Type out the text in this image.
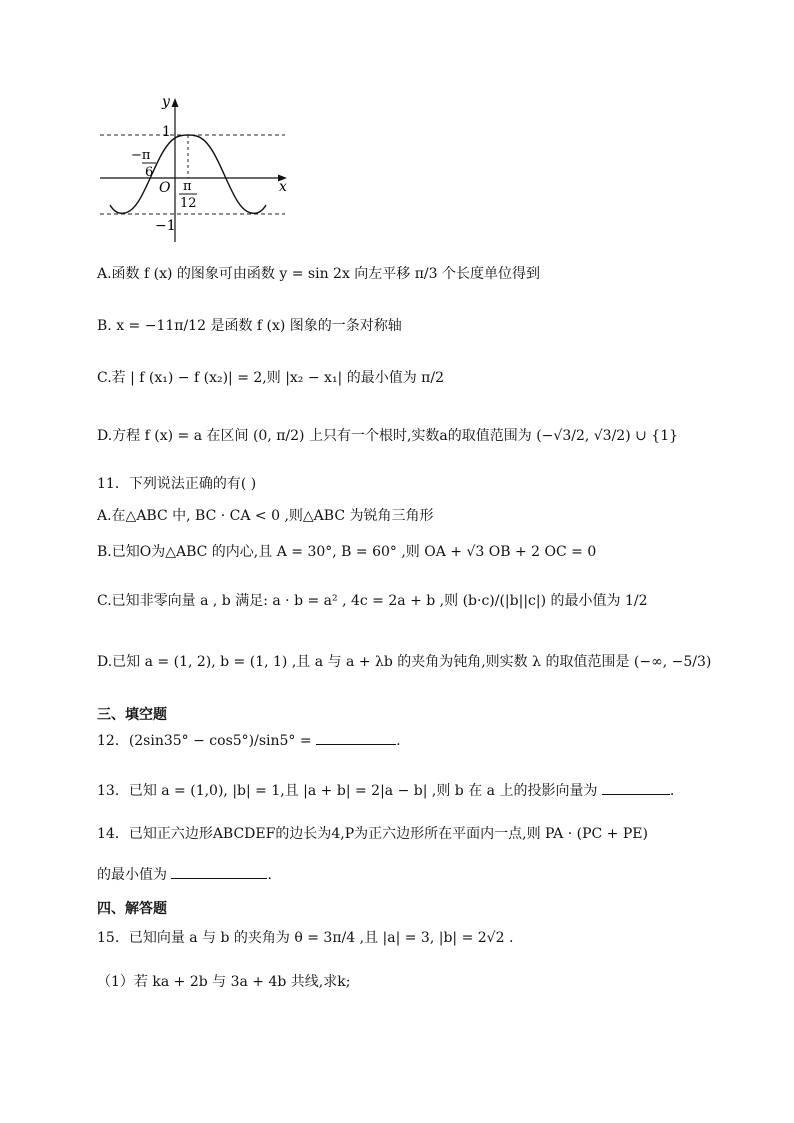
y
x
1
−1
O
−π
6
π
12
A.函数 f (x) 的图象可由函数 y = sin 2x 向左平移 π/3 个长度单位得到
B. x = −11π/12 是函数 f (x) 图象的一条对称轴
C.若 | f (x₁) − f (x₂)| = 2,则 |x₂ − x₁| 的最小值为 π/2
D.方程 f (x) = a 在区间 (0, π/2) 上只有一个根时,实数a的取值范围为 (−√3/2, √3/2) ∪ {1}
11．下列说法正确的有( )
A.在△ABC 中, BC · CA < 0 ,则△ABC 为锐角三角形
B.已知O为△ABC 的内心,且 A = 30°, B = 60° ,则 OA + √3 OB + 2 OC = 0
C.已知非零向量 a , b 满足: a · b = a² , 4c = 2a + b ,则 (b·c)/(|b||c|) 的最小值为 1/2
D.已知 a = (1, 2), b = (1, 1) ,且 a 与 a + λb 的夹角为钝角,则实数 λ 的取值范围是 (−∞, −5/3)
三、填空题
12．(2sin35° − cos5°)/sin5° =	.
13．已知 a = (1,0), |b| = 1,且 |a + b| = 2|a − b| ,则 b 在 a 上的投影向量为	.
14．已知正六边形ABCDEF的边长为4,P为正六边形所在平面内一点,则 PA · (PC + PE)
的最小值为	.
四、解答题
15．已知向量 a 与 b 的夹角为 θ = 3π/4 ,且 |a| = 3, |b| = 2√2 .
（1）若 ka + 2b 与 3a + 4b 共线,求k;
